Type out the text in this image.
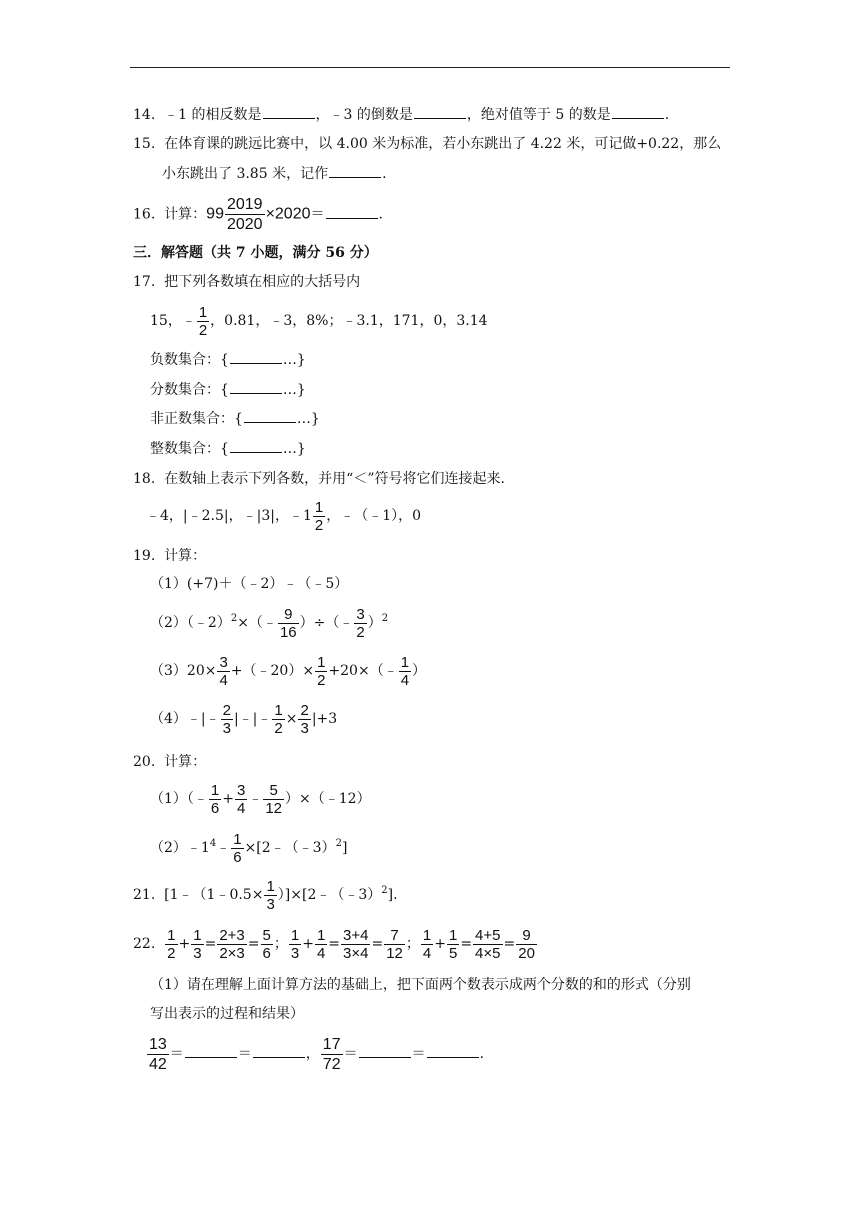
14. ﹣1 的相反数是	，﹣3 的倒数是	，绝对值等于 5 的数是	.
15. 在体育课的跳远比赛中，以 4.00 米为标准，若小东跳出了 4.22 米，可记做+0.22，那么
小东跳出了 3.85 米，记作	.
16. 计算：$99 \frac{2019}{2020} \times 2020=$	.
三．解答题（共 7 小题，满分 56 分）
17. 把下列各数填在相应的大括号内
15，﹣ $\frac{1}{2}$ ，0.81，﹣3，8%；﹣3.1，171，0，3.14
负数集合：{	…}
分数集合：{	…}
非正数集合：{	…}
整数集合：{	…}
18. 在数轴上表示下列各数，并用“＜”符号将它们连接起来.
﹣4，|﹣2.5|，﹣|3|，﹣1 $\frac{1}{2}$ ，﹣（﹣1），0
19. 计算：
（1）(+7)＋（﹣2）﹣（﹣5）
（2）（﹣2）$^2$×（﹣ $\frac{9}{16}$ ）÷（﹣ $\frac{3}{2} )^2$
$(3)20\times \frac{3}{4}$ +（﹣20）× $\frac{1}{2}$ +20×（﹣ $\frac{1}{4}$ ）
（4）﹣|﹣ $\frac{2}{3}$ |﹣|﹣ $\frac{1}{2} \times \frac{2}{3} |+3$
20. 计算：
（1）（﹣ $\frac{1}{6} + \frac{3}{4}$ ﹣ $\frac{5}{12}$ ）×（﹣12）
$(2)﹣1^4﹣ \frac{1}{6}$ ×[2﹣（﹣3）$^2$]
21. [1﹣（1﹣0.5× $\frac{1}{3}$ ）]×[2﹣（﹣3）$^2$].
22. $\frac{1}{2} + \frac{1}{3} = \frac{2+3}{2\times 3} = \frac{5}{6}$ ； $\frac{1}{3} + \frac{1}{4} = \frac{3+4}{3\times 4} = \frac{7}{12}$ ； $\frac{1}{4} + \frac{1}{5} = \frac{4+5}{4\times 5} = \frac{9}{20}$
（1）请在理解上面计算方法的基础上，把下面两个数表示成两个分数的和的形式（分别
写出表示的过程和结果）
$\frac{13}{42}$ ＝	＝	， $\frac{17}{72}$ ＝	＝	.
